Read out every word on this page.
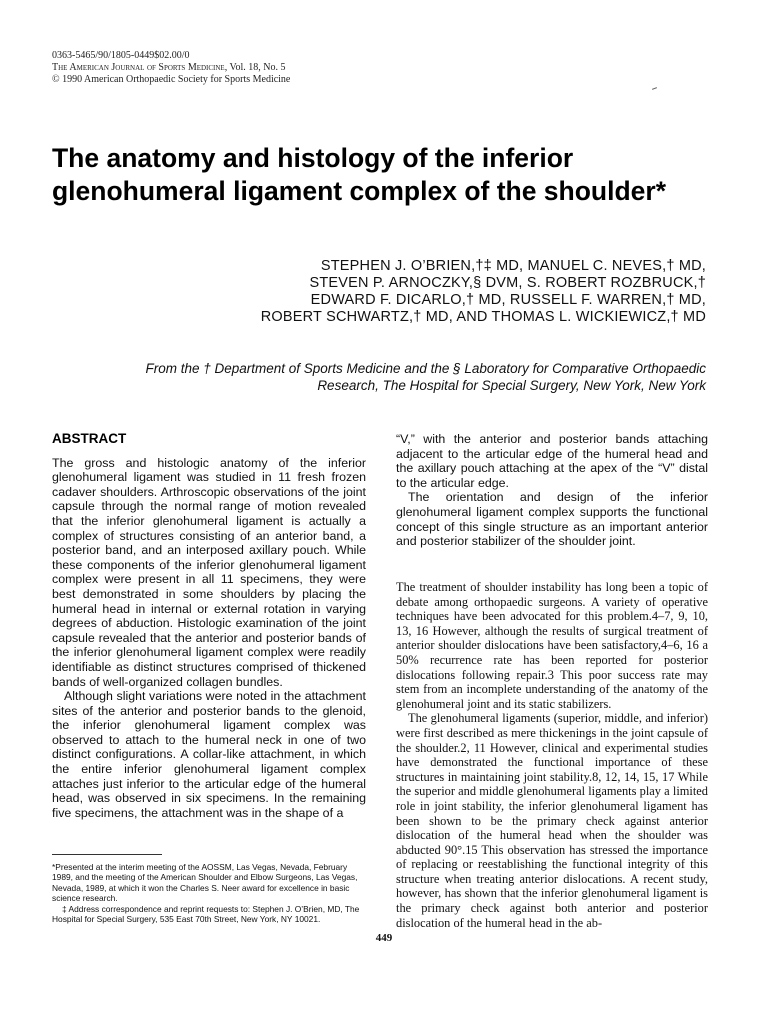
0363-5465/90/1805-0449$02.00/0
The American Journal of Sports Medicine, Vol. 18, No. 5
© 1990 American Orthopaedic Society for Sports Medicine
The anatomy and histology of the inferior glenohumeral ligament complex of the shoulder*
STEPHEN J. O’BRIEN,†‡ MD, MANUEL C. NEVES,† MD,
STEVEN P. ARNOCZKY,§ DVM, S. ROBERT ROZBRUCK,†
EDWARD F. DICARLO,† MD, RUSSELL F. WARREN,† MD,
ROBERT SCHWARTZ,† MD, AND THOMAS L. WICKIEWICZ,† MD
From the † Department of Sports Medicine and the § Laboratory for Comparative Orthopaedic
Research, The Hospital for Special Surgery, New York, New York
ABSTRACT

The gross and histologic anatomy of the inferior glenohumeral ligament was studied in 11 fresh frozen cadaver shoulders. Arthroscopic observations of the joint capsule through the normal range of motion revealed that the inferior glenohumeral ligament is actually a complex of structures consisting of an anterior band, a posterior band, and an interposed axillary pouch. While these components of the inferior glenohumeral ligament complex were present in all 11 specimens, they were best demonstrated in some shoulders by placing the humeral head in internal or external rotation in varying degrees of abduction. Histologic examination of the joint capsule revealed that the anterior and posterior bands of the inferior glenohumeral ligament complex were readily identifiable as distinct structures comprised of thickened bands of well-organized collagen bundles.

Although slight variations were noted in the attachment sites of the anterior and posterior bands to the glenoid, the inferior glenohumeral ligament complex was observed to attach to the humeral neck in one of two distinct configurations. A collar-like attachment, in which the entire inferior glenohumeral ligament complex attaches just inferior to the articular edge of the humeral head, was observed in six specimens. In the remaining five specimens, the attachment was in the shape of a

“V,” with the anterior and posterior bands attaching adjacent to the articular edge of the humeral head and the axillary pouch attaching at the apex of the “V” distal to the articular edge.

The orientation and design of the inferior glenohumeral ligament complex supports the functional concept of this single structure as an important anterior and posterior stabilizer of the shoulder joint.

The treatment of shoulder instability has long been a topic of debate among orthopaedic surgeons. A variety of operative techniques have been advocated for this problem.4–7, 9, 10, 13, 16 However, although the results of surgical treatment of anterior shoulder dislocations have been satisfactory,4–6, 16 a 50% recurrence rate has been reported for posterior dislocations following repair.3 This poor success rate may stem from an incomplete understanding of the anatomy of the glenohumeral joint and its static stabilizers.

The glenohumeral ligaments (superior, middle, and inferior) were first described as mere thickenings in the joint capsule of the shoulder.2, 11 However, clinical and experimental studies have demonstrated the functional importance of these structures in maintaining joint stability.8, 12, 14, 15, 17 While the superior and middle glenohumeral ligaments play a limited role in joint stability, the inferior glenohumeral ligament has been shown to be the primary check against anterior dislocation of the humeral head when the shoulder was abducted 90°.15 This observation has stressed the importance of replacing or reestablishing the functional integrity of this structure when treating anterior dislocations. A recent study, however, has shown that the inferior glenohumeral ligament is the primary check against both anterior and posterior dislocation of the humeral head in the ab-

*Presented at the interim meeting of the AOSSM, Las Vegas, Nevada, February 1989, and the meeting of the American Shoulder and Elbow Surgeons, Las Vegas, Nevada, 1989, at which it won the Charles S. Neer award for excellence in basic science research.

‡ Address correspondence and reprint requests to: Stephen J. O’Brien, MD, The Hospital for Special Surgery, 535 East 70th Street, New York, NY 10021.

449
